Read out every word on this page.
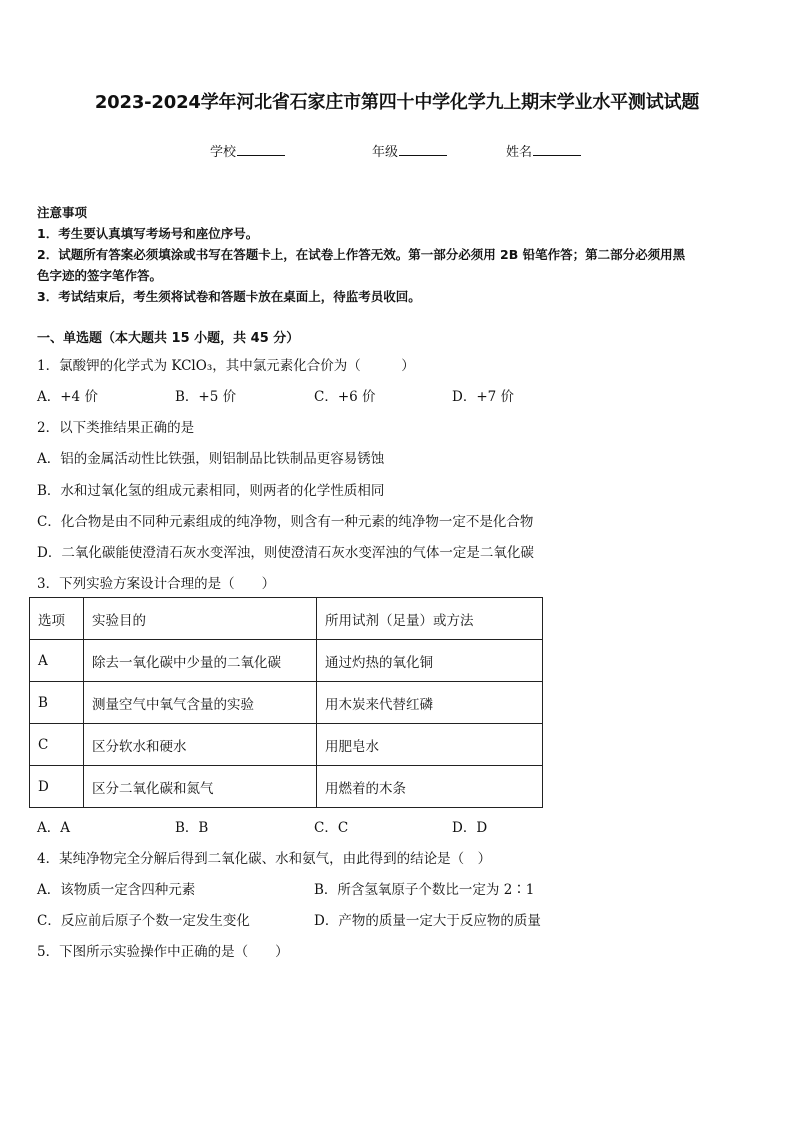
2023-2024学年河北省石家庄市第四十中学化学九上期末学业水平测试试题
学校	年级	姓名
注意事项
1．考生要认真填写考场号和座位序号。
2．试题所有答案必须填涂或书写在答题卡上，在试卷上作答无效。第一部分必须用 2B 铅笔作答；第二部分必须用黑
色字迹的签字笔作答。
3．考试结束后，考生须将试卷和答题卡放在桌面上，待监考员收回。
一、单选题（本大题共 15 小题，共 45 分）
1．氯酸钾的化学式为 KClO₃，其中氯元素化合价为（　　　）
A．+4 价	B．+5 价	C．+6 价	D．+7 价
2．以下类推结果正确的是
A．铝的金属活动性比铁强，则铝制品比铁制品更容易锈蚀
B．水和过氧化氢的组成元素相同，则两者的化学性质相同
C．化合物是由不同种元素组成的纯净物，则含有一种元素的纯净物一定不是化合物
D．二氧化碳能使澄清石灰水变浑浊，则使澄清石灰水变浑浊的气体一定是二氧化碳
3．下列实验方案设计合理的是（　　）
选项	实验目的	所用试剂（足量）或方法
A	除去一氧化碳中少量的二氧化碳	通过灼热的氧化铜
B	测量空气中氧气含量的实验	用木炭来代替红磷
C	区分软水和硬水	用肥皂水
D	区分二氧化碳和氮气	用燃着的木条
A．A	B．B	C．C	D．D
4．某纯净物完全分解后得到二氧化碳、水和氨气，由此得到的结论是（　）
A．该物质一定含四种元素	B．所含氢氧原子个数比一定为 2∶1
C．反应前后原子个数一定发生变化	D．产物的质量一定大于反应物的质量
5．下图所示实验操作中正确的是（　　）
